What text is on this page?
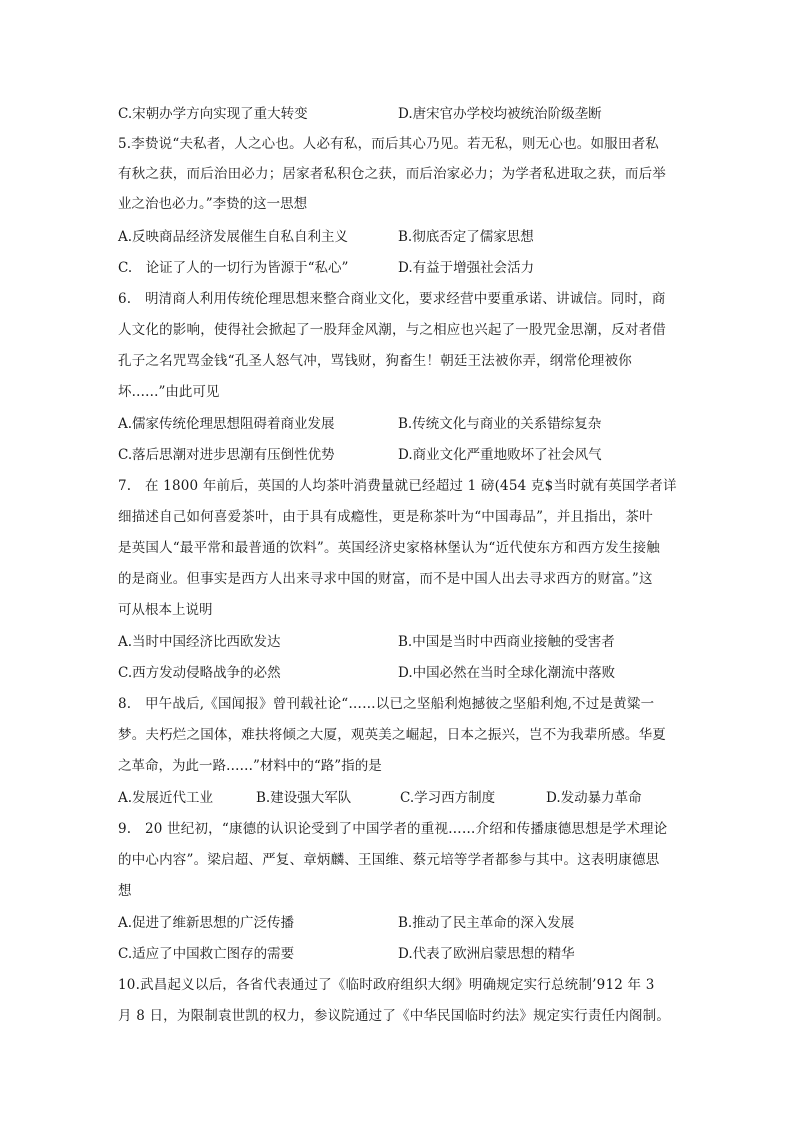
C.宋朝办学方向实现了重大转变	D.唐宋官办学校均被统治阶级垄断
5.李贽说“夫私者，人之心也。人必有私，而后其心乃见。若无私，则无心也。如服田者私
有秋之获，而后治田必力；居家者私积仓之获，而后治家必力；为学者私进取之获，而后举
业之治也必力。”李贽的这一思想
A.反映商品经济发展催生自私自利主义	B.彻底否定了儒家思想
C.　论证了人的一切行为皆源于“私心”	D.有益于增强社会活力
6.　明清商人利用传统伦理思想来整合商业文化，要求经营中要重承诺、讲诚信。同时，商
人文化的影响，使得社会掀起了一股拜金风潮，与之相应也兴起了一股咒金思潮，反对者借
孔子之名咒骂金钱“孔圣人怒气冲，骂钱财，狗畜生！朝廷王法被你弄，纲常伦理被你
坏……”由此可见
A.儒家传统伦理思想阻碍着商业发展	B.传统文化与商业的关系错综复杂
C.落后思潮对进步思潮有压倒性优势	D.商业文化严重地败坏了社会风气
7.　在 1800 年前后，英国的人均茶叶消费量就已经超过 1 磅(454 克$当时就有英国学者详
细描述自己如何喜爱茶叶，由于具有成瘾性，更是称茶叶为“中国毒品”，并且指出，茶叶
是英国人“最平常和最普通的饮料”。英国经济史家格林堡认为“近代使东方和西方发生接触
的是商业。但事实是西方人出来寻求中国的财富，而不是中国人出去寻求西方的财富。”这
可从根本上说明
A.当时中国经济比西欧发达	B.中国是当时中西商业接触的受害者
C.西方发动侵略战争的必然	D.中国必然在当时全球化潮流中落败
8.　甲午战后,《国闻报》曾刊载社论“……以已之坚船利炮撼彼之坚船利炮,不过是黄粱一
梦。夫朽烂之国体，难扶将倾之大厦，观英美之崛起，日本之振兴，岂不为我辈所感。华夏
之革命，为此一路……”材料中的“路”指的是
A.发展近代工业	B.建设强大军队	C.学习西方制度	D.发动暴力革命
9.　20 世纪初，“康德的认识论受到了中国学者的重视……介绍和传播康德思想是学术理论
的中心内容”。梁启超、严复、章炳麟、王国维、蔡元培等学者都参与其中。这表明康德思
想
A.促进了维新思想的广泛传播	B.推动了民主革命的深入发展
C.适应了中国救亡图存的需要	D.代表了欧洲启蒙思想的精华
10.武昌起义以后，各省代表通过了《临时政府组织大纲》明确规定实行总统制’912 年 3
月 8 日，为限制袁世凯的权力，参议院通过了《中华民国临时约法》规定实行责任内阁制。
